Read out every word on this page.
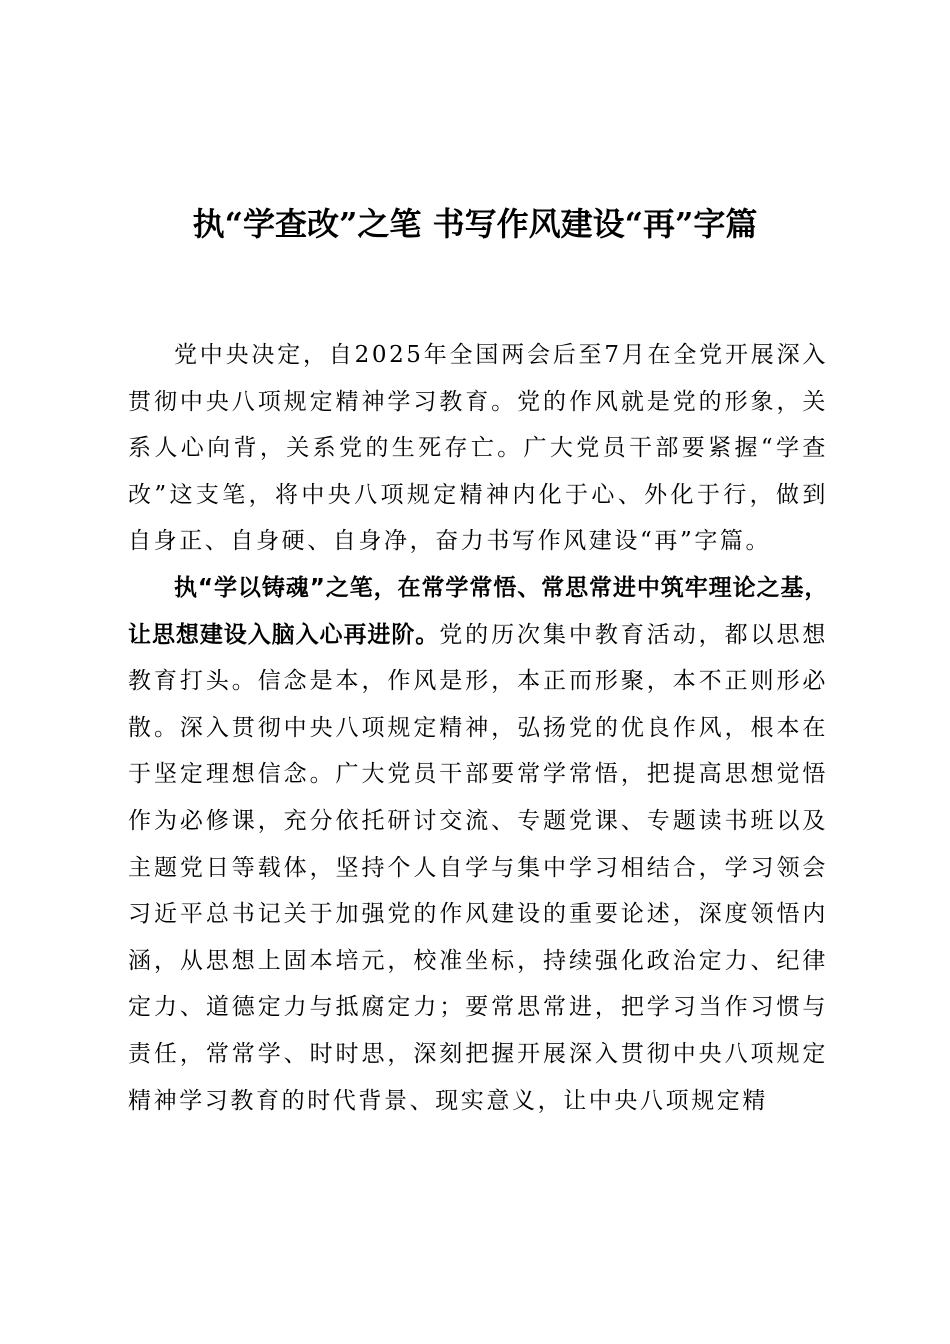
执“学查改”之笔 书写作风建设“再”字篇

党中央决定，自2025年全国两会后至7月在全党开展深入贯彻中央八项规定精神学习教育。党的作风就是党的形象，关系人心向背，关系党的生死存亡。广大党员干部要紧握“学查改”这支笔，将中央八项规定精神内化于心、外化于行，做到自身正、自身硬、自身净，奋力书写作风建设“再”字篇。

执“学以铸魂”之笔，在常学常悟、常思常进中筑牢理论之基，让思想建设入脑入心再进阶。党的历次集中教育活动，都以思想教育打头。信念是本，作风是形，本正而形聚，本不正则形必散。深入贯彻中央八项规定精神，弘扬党的优良作风，根本在于坚定理想信念。广大党员干部要常学常悟，把提高思想觉悟作为必修课，充分依托研讨交流、专题党课、专题读书班以及主题党日等载体，坚持个人自学与集中学习相结合，学习领会习近平总书记关于加强党的作风建设的重要论述，深度领悟内涵，从思想上固本培元，校准坐标，持续强化政治定力、纪律定力、道德定力与抵腐定力；要常思常进，把学习当作习惯与责任，常常学、时时思，深刻把握开展深入贯彻中央八项规定精神学习教育的时代背景、现实意义，让中央八项规定精
